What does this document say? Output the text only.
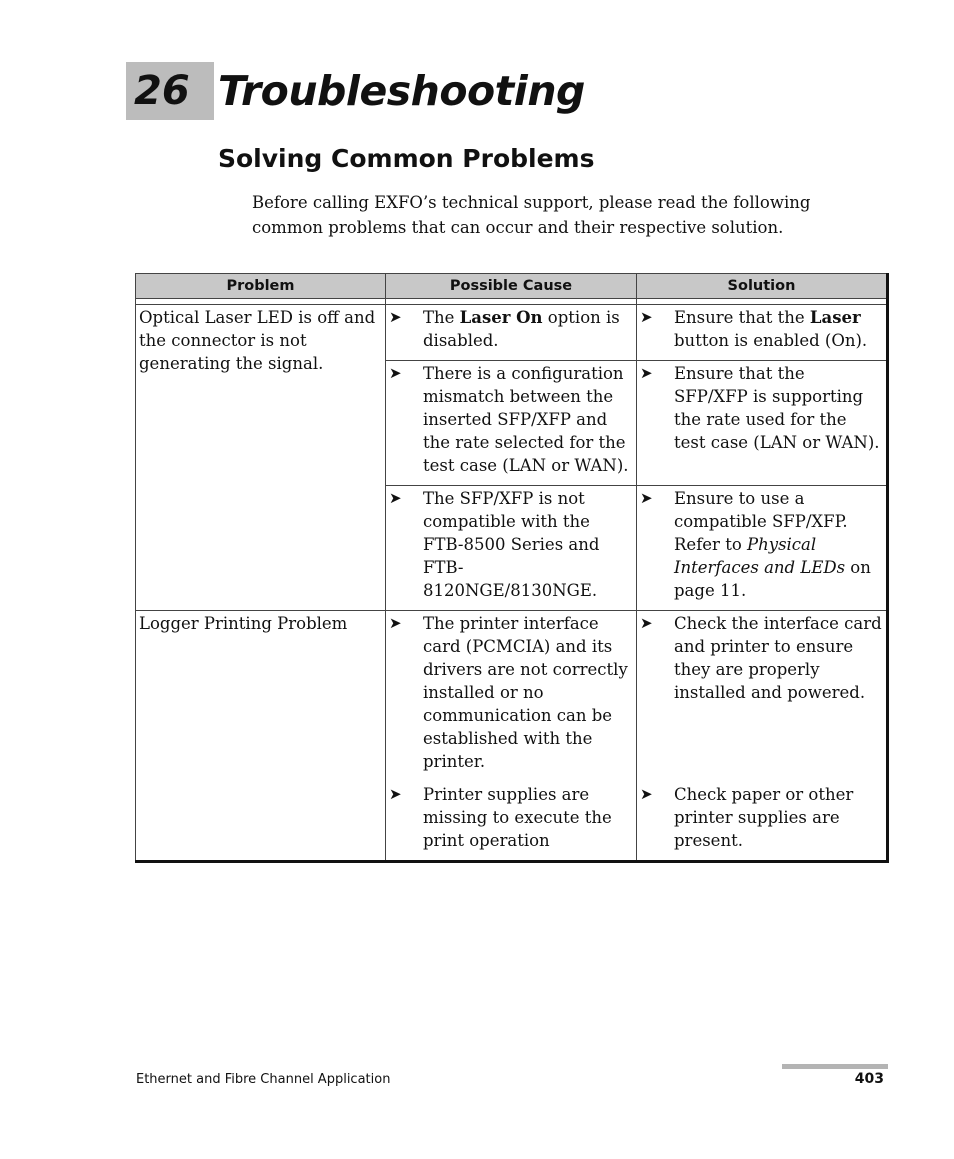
26 Troubleshooting
Solving Common Problems
Before calling EXFO’s technical support, please read the following
common problems that can occur and their respective solution.
Problem	Possible Cause	Solution

Optical Laser LED is off and the connector is not generating the signal.	➤ The Laser On option is disabled.	➤ Ensure that the Laser button is enabled (On).

	➤ There is a configuration mismatch between the inserted SFP/XFP and the rate selected for the test case (LAN or WAN).	➤ Ensure that the SFP/XFP is supporting the rate used for the test case (LAN or WAN).

	➤ The SFP/XFP is not compatible with the FTB-8500 Series and FTB-8120NGE/8130NGE.	➤ Ensure to use a compatible SFP/XFP. Refer to Physical Interfaces and LEDs on page 11.

Logger Printing Problem	➤ The printer interface card (PCMCIA) and its drivers are not correctly installed or no communication can be established with the printer.	➤ Check the interface card and printer to ensure they are properly installed and powered.

	➤ Printer supplies are missing to execute the print operation	➤ Check paper or other printer supplies are present.
Ethernet and Fibre Channel Application	403
